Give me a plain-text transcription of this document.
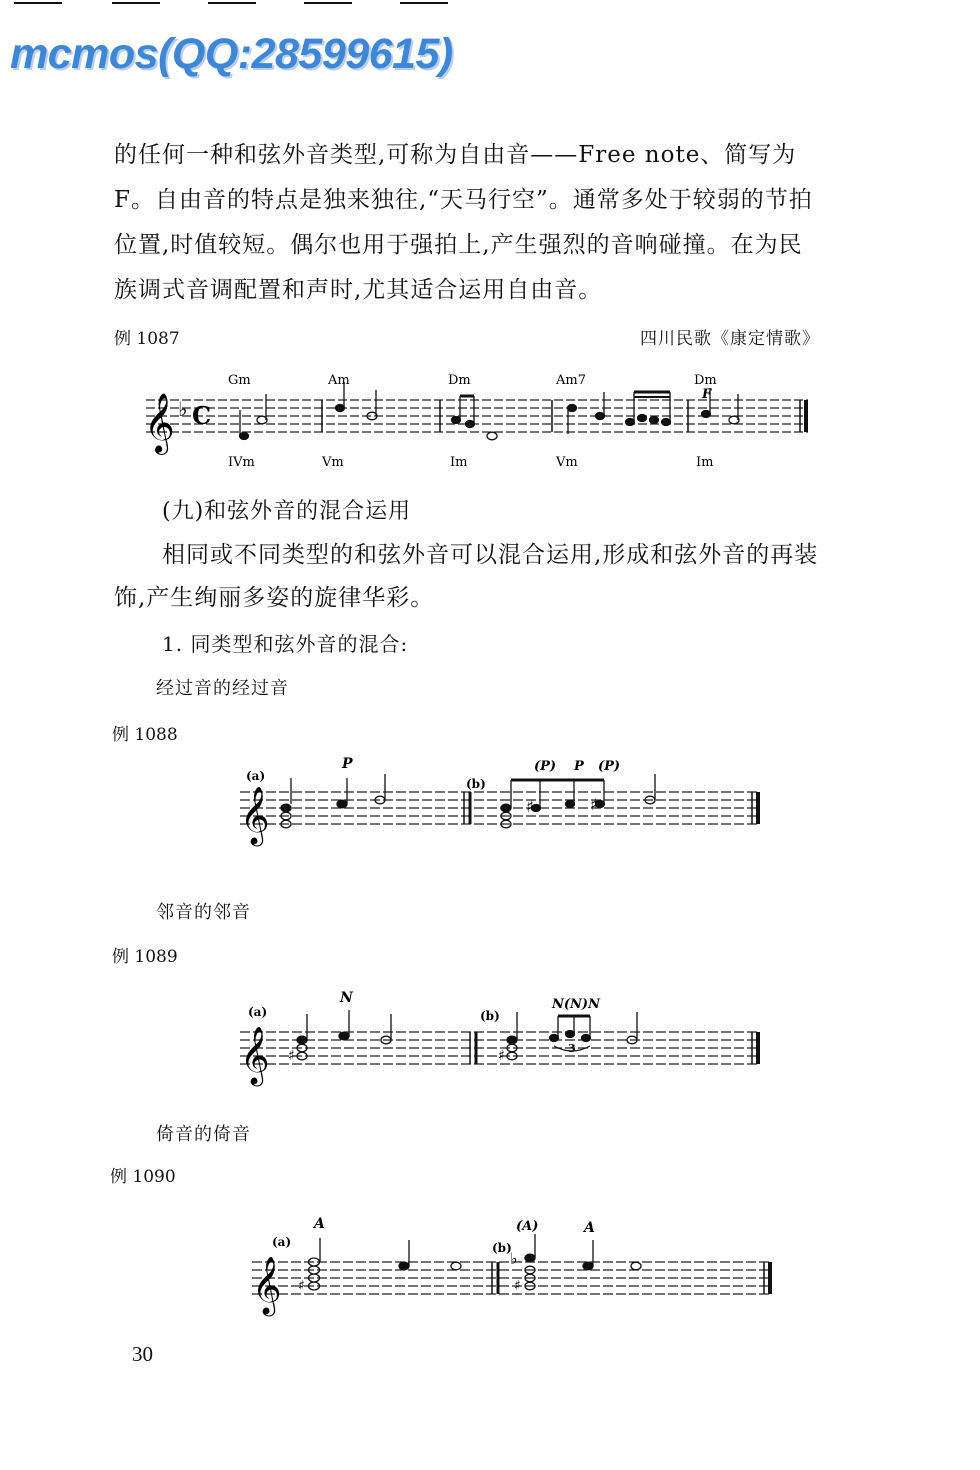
mcmos(QQ:28599615)
的任何一种和弦外音类型,可称为自由音——Free note、简写为 F。自由音的特点是独来独往,“天马行空”。通常多处于较弱的节拍位置,时值较短。偶尔也用于强拍上,产生强烈的音响碰撞。在为民族调式音调配置和声时,尤其适合运用自由音。
例 1087	四川民歌《康定情歌》
𝄞 ♭ C
Gm	Am	Dm	Am7	Dm
F
IVm	Vm	Im	Vm	Im
(九)和弦外音的混合运用
相同或不同类型的和弦外音可以混合运用,形成和弦外音的再装饰,产生绚丽多姿的旋律华彩。
1. 同类型和弦外音的混合:
经过音的经过音
例 1088
𝄞
(a)
(b)
♯	♯
P	(P) P (P)
邻音的邻音
例 1089
𝄞
(a)	(b)
♯	♯	3
N	N(N)N
倚音的倚音
例 1090
𝄞
(a)	(b)
♯
♭
♯
A	(A)	A
30
